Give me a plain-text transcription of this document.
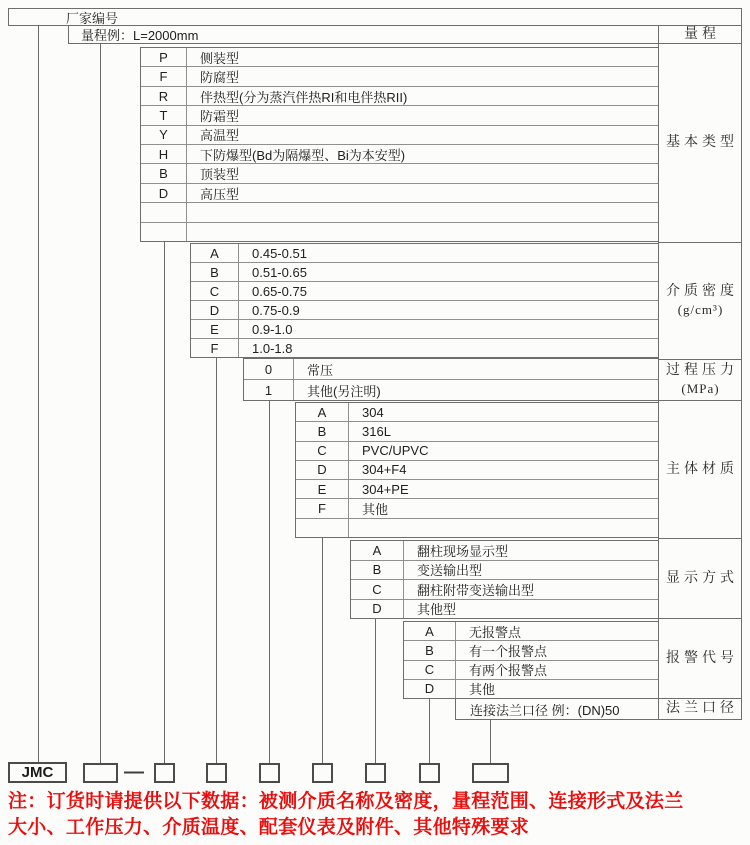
厂家编号
量程例：L=2000mm	量程
连接法兰口径 例：(DN)50	法兰口径
JMC	—
注：订货时请提供以下数据：被测介质名称及密度，量程范围、连接形式及法兰
大小、工作压力、介质温度、配套仪表及附件、其他特殊要求
P	侧装型
F	防腐型
R	伴热型(分为蒸汽伴热RI和电伴热RII)
T	防霜型
Y	高温型
H	下防爆型(Bd为隔爆型、Bi为本安型)
B	顶装型
D	高压型
基本类型
A	0.45-0.51
B	0.51-0.65
C	0.65-0.75
D	0.75-0.9
E	0.9-1.0
F	1.0-1.8
介质密度
(g/cm³)
0	常压
1	其他(另注明)
过程压力
(MPa)
A	304
B	316L
C	PVC/UPVC
D	304+F4
E	304+PE
F	其他
主体材质
A	翻柱现场显示型
B	变送输出型
C	翻柱附带变送输出型
D	其他型
显示方式
A	无报警点
B	有一个报警点
C	有两个报警点
D	其他
报警代号
